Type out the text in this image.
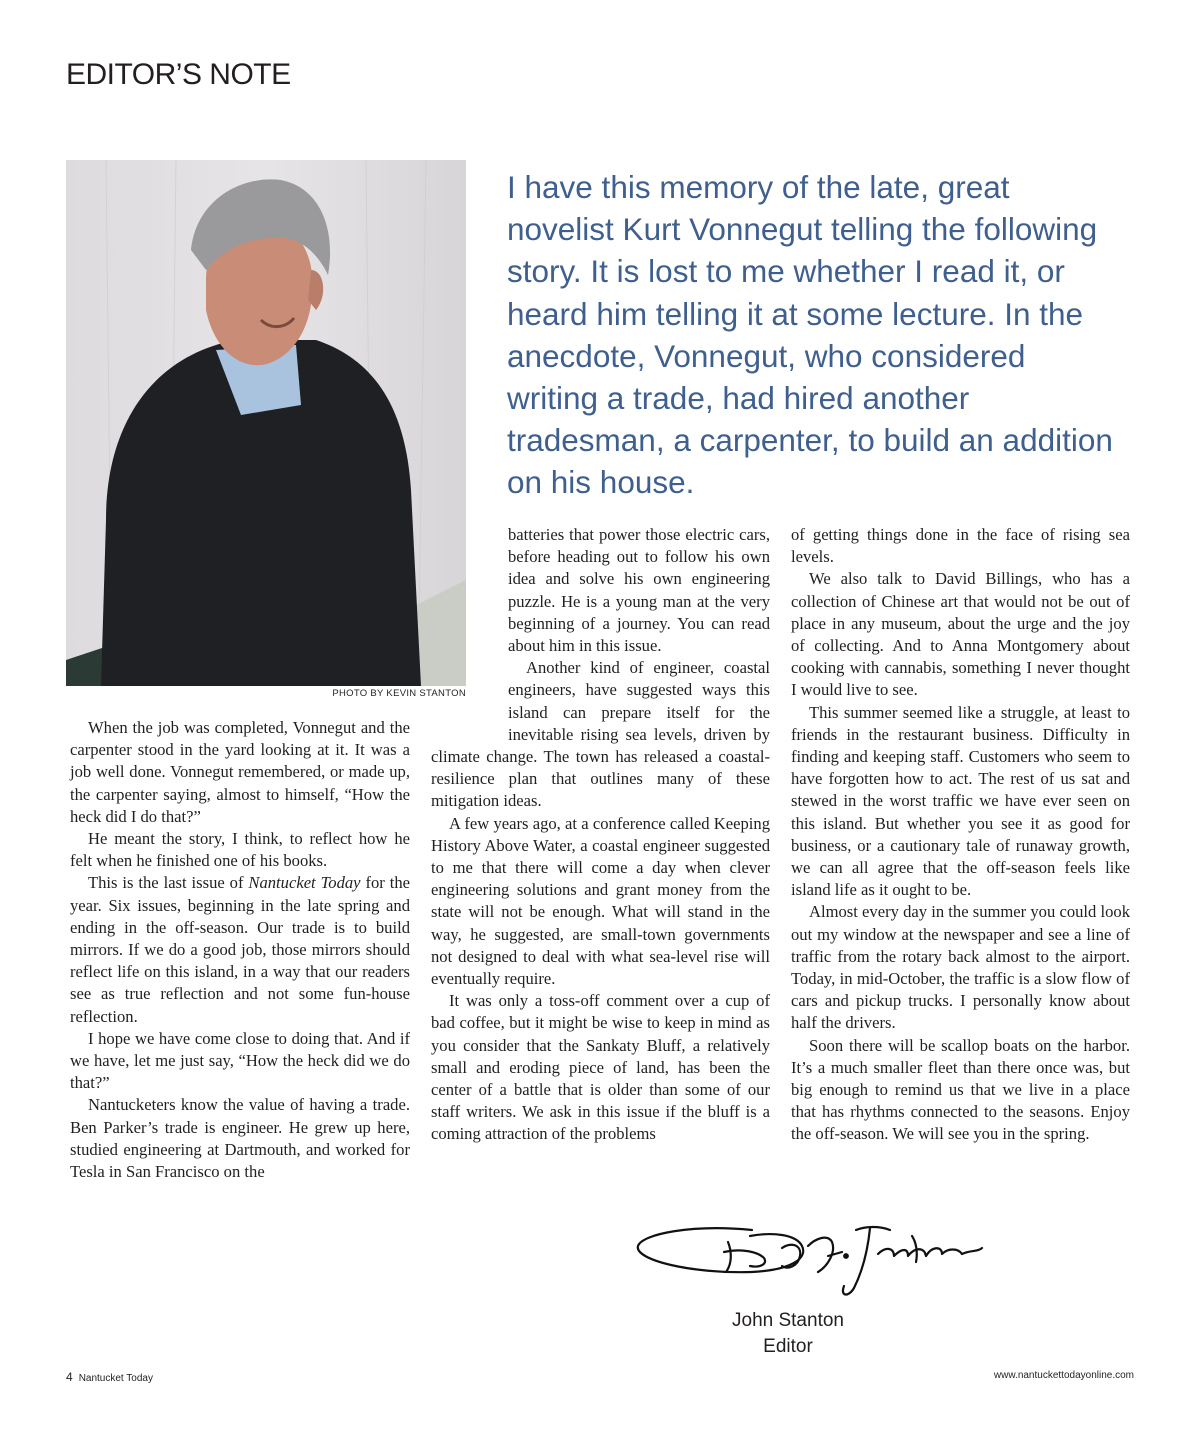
EDITOR’S NOTE

PHOTO BY KEVIN STANTON

I have this memory of the late, great novelist Kurt Vonnegut telling the following story. It is lost to me whether I read it, or heard him telling it at some lecture. In the anecdote, Vonnegut, who considered writing a trade, had hired another tradesman, a carpenter, to build an addition on his house.

When the job was completed, Vonnegut and the carpenter stood in the yard looking at it. It was a job well done. Vonnegut remembered, or made up, the carpenter saying, almost to himself, “How the heck did I do that?”

He meant the story, I think, to reflect how he felt when he finished one of his books.

This is the last issue of Nantucket Today for the year. Six issues, beginning in the late spring and ending in the off-season. Our trade is to build mirrors. If we do a good job, those mirrors should reflect life on this island, in a way that our readers see as true reflection and not some fun-house reflection.

I hope we have come close to doing that. And if we have, let me just say, “How the heck did we do that?”

Nantucketers know the value of having a trade. Ben Parker’s trade is engineer. He grew up here, studied engineering at Dartmouth, and worked for Tesla in San Francisco on the

batteries that power those electric cars, before heading out to follow his own idea and solve his own engineering puzzle. He is a young man at the very beginning of a journey. You can read about him in this issue.

Another kind of engineer, coastal engineers, have suggested ways this island can prepare itself for the inevitable rising sea levels, driven by climate change. The town has released a coastal-resilience plan that outlines many of these mitigation ideas.

A few years ago, at a conference called Keeping History Above Water, a coastal engineer suggested to me that there will come a day when clever engineering solutions and grant money from the state will not be enough. What will stand in the way, he suggested, are small-town governments not designed to deal with what sea-level rise will eventually require.

It was only a toss-off comment over a cup of bad coffee, but it might be wise to keep in mind as you consider that the Sankaty Bluff, a relatively small and eroding piece of land, has been the center of a battle that is older than some of our staff writers. We ask in this issue if the bluff is a coming attraction of the problems

of getting things done in the face of rising sea levels.

We also talk to David Billings, who has a collection of Chinese art that would not be out of place in any museum, about the urge and the joy of collecting. And to Anna Montgomery about cooking with cannabis, something I never thought I would live to see.

This summer seemed like a struggle, at least to friends in the restaurant business. Difficulty in finding and keeping staff. Customers who seem to have forgotten how to act. The rest of us sat and stewed in the worst traffic we have ever seen on this island. But whether you see it as good for business, or a cautionary tale of runaway growth, we can all agree that the off-season feels like island life as it ought to be.

Almost every day in the summer you could look out my window at the newspaper and see a line of traffic from the rotary back almost to the airport. Today, in mid-October, the traffic is a slow flow of cars and pickup trucks. I personally know about half the drivers.

Soon there will be scallop boats on the harbor. It’s a much smaller fleet than there once was, but big enough to remind us that we live in a place that has rhythms connected to the seasons. Enjoy the off-season. We will see you in the spring.

John Stanton
Editor
4 Nantucket Today	www.nantuckettodayonline.com
